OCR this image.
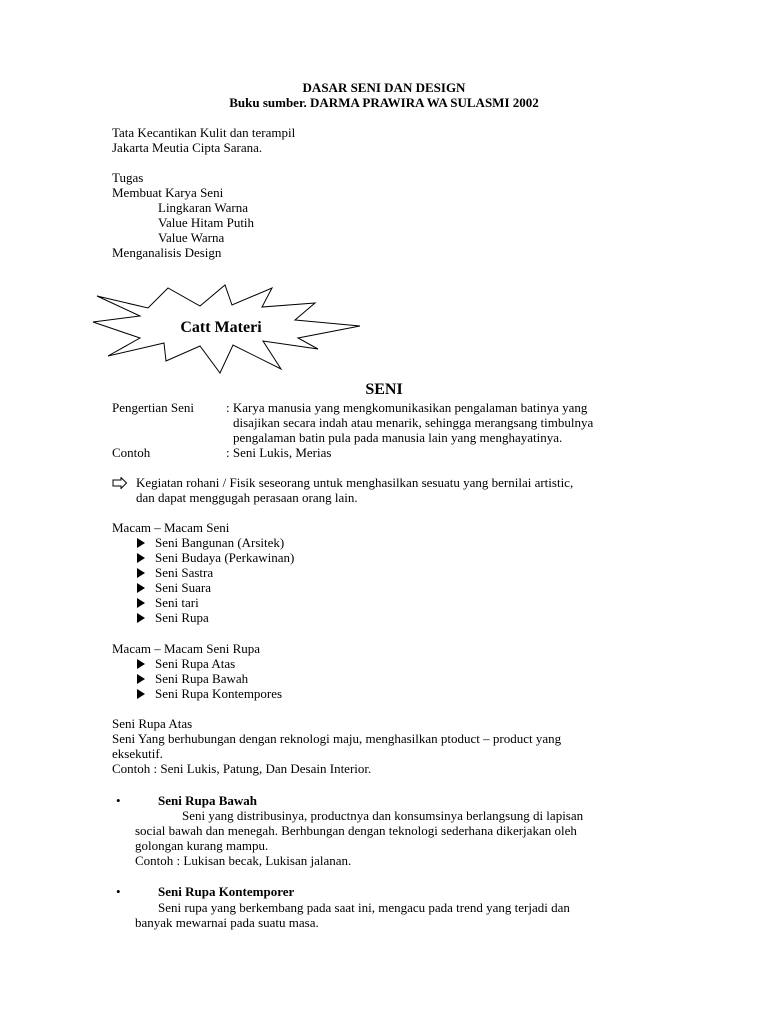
DASAR SENI DAN DESIGN
Buku sumber. DARMA PRAWIRA WA SULASMI 2002
Tata Kecantikan Kulit dan terampil
Jakarta Meutia Cipta Sarana.
Tugas
Membuat Karya Seni
Lingkaran Warna
Value Hitam Putih
Value Warna
Menganalisis Design
Catt Materi
SENI
Pengertian Seni : Karya manusia yang mengkomunikasikan pengalaman batinya yang
disajikan secara indah atau menarik, sehingga merangsang timbulnya
pengalaman batin pula pada manusia lain yang menghayatinya.
Contoh	: Seni Lukis, Merias
Kegiatan rohani / Fisik seseorang untuk menghasilkan sesuatu yang bernilai artistic,
dan dapat menggugah perasaan orang lain.
Macam – Macam Seni
Seni Bangunan (Arsitek)
Seni Budaya (Perkawinan)
Seni Sastra
Seni Suara
Seni tari
Seni Rupa
Macam – Macam Seni Rupa
Seni Rupa Atas
Seni Rupa Bawah
Seni Rupa Kontempores
Seni Rupa Atas
Seni Yang berhubungan dengan reknologi maju, menghasilkan ptoduct – product yang
eksekutif.
Contoh : Seni Lukis, Patung, Dan Desain Interior.
•	Seni Rupa Bawah
Seni yang distribusinya, productnya dan konsumsinya berlangsung di lapisan
social bawah dan menegah. Berhbungan dengan teknologi sederhana dikerjakan oleh
golongan kurang mampu.
Contoh : Lukisan becak, Lukisan jalanan.
•	Seni Rupa Kontemporer
Seni rupa yang berkembang pada saat ini, mengacu pada trend yang terjadi dan
banyak mewarnai pada suatu masa.
